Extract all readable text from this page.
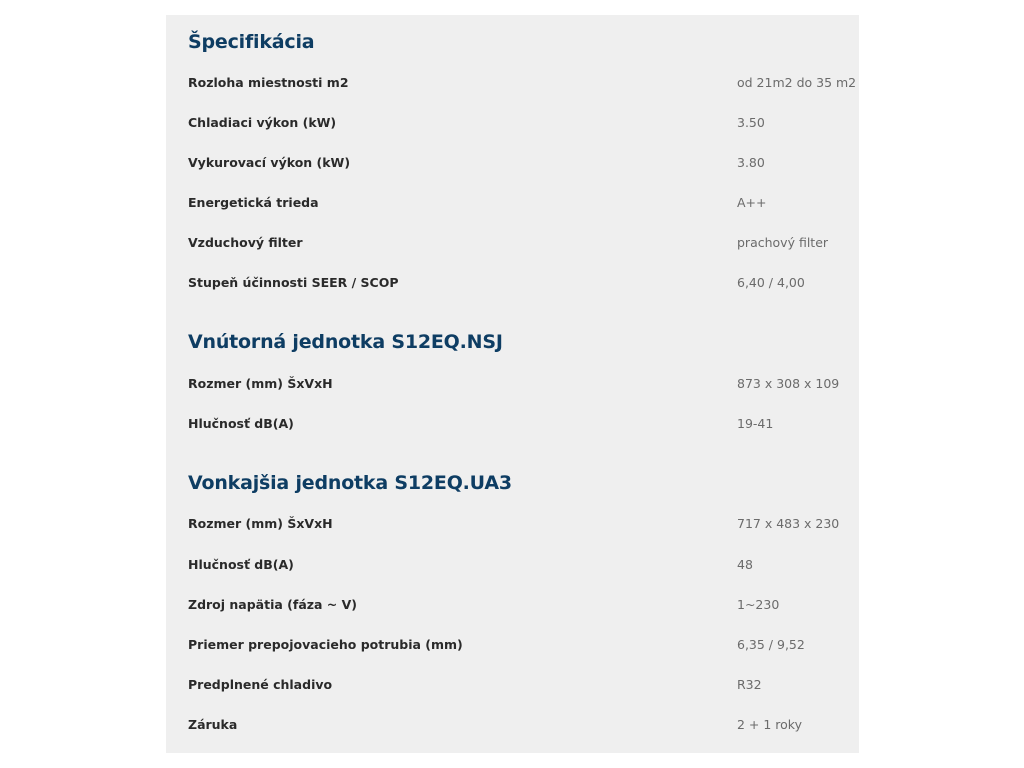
Špecifikácia
Rozloha miestnosti m2	od 21m2 do 35 m2
Chladiaci výkon (kW)	3.50
Vykurovací výkon (kW)	3.80
Energetická trieda	A++
Vzduchový filter	prachový filter
Stupeň účinnosti SEER / SCOP	6,40 / 4,00
Vnútorná jednotka S12EQ.NSJ
Rozmer (mm) ŠxVxH	873 x 308 x 109
Hlučnosť dB(A)	19-41
Vonkajšia jednotka S12EQ.UA3
Rozmer (mm) ŠxVxH	717 x 483 x 230
Hlučnosť dB(A)	48
Zdroj napätia (fáza ~ V)	1~230
Priemer prepojovacieho potrubia (mm)	6,35 / 9,52
Predplnené chladivo	R32
Záruka	2 + 1 roky
